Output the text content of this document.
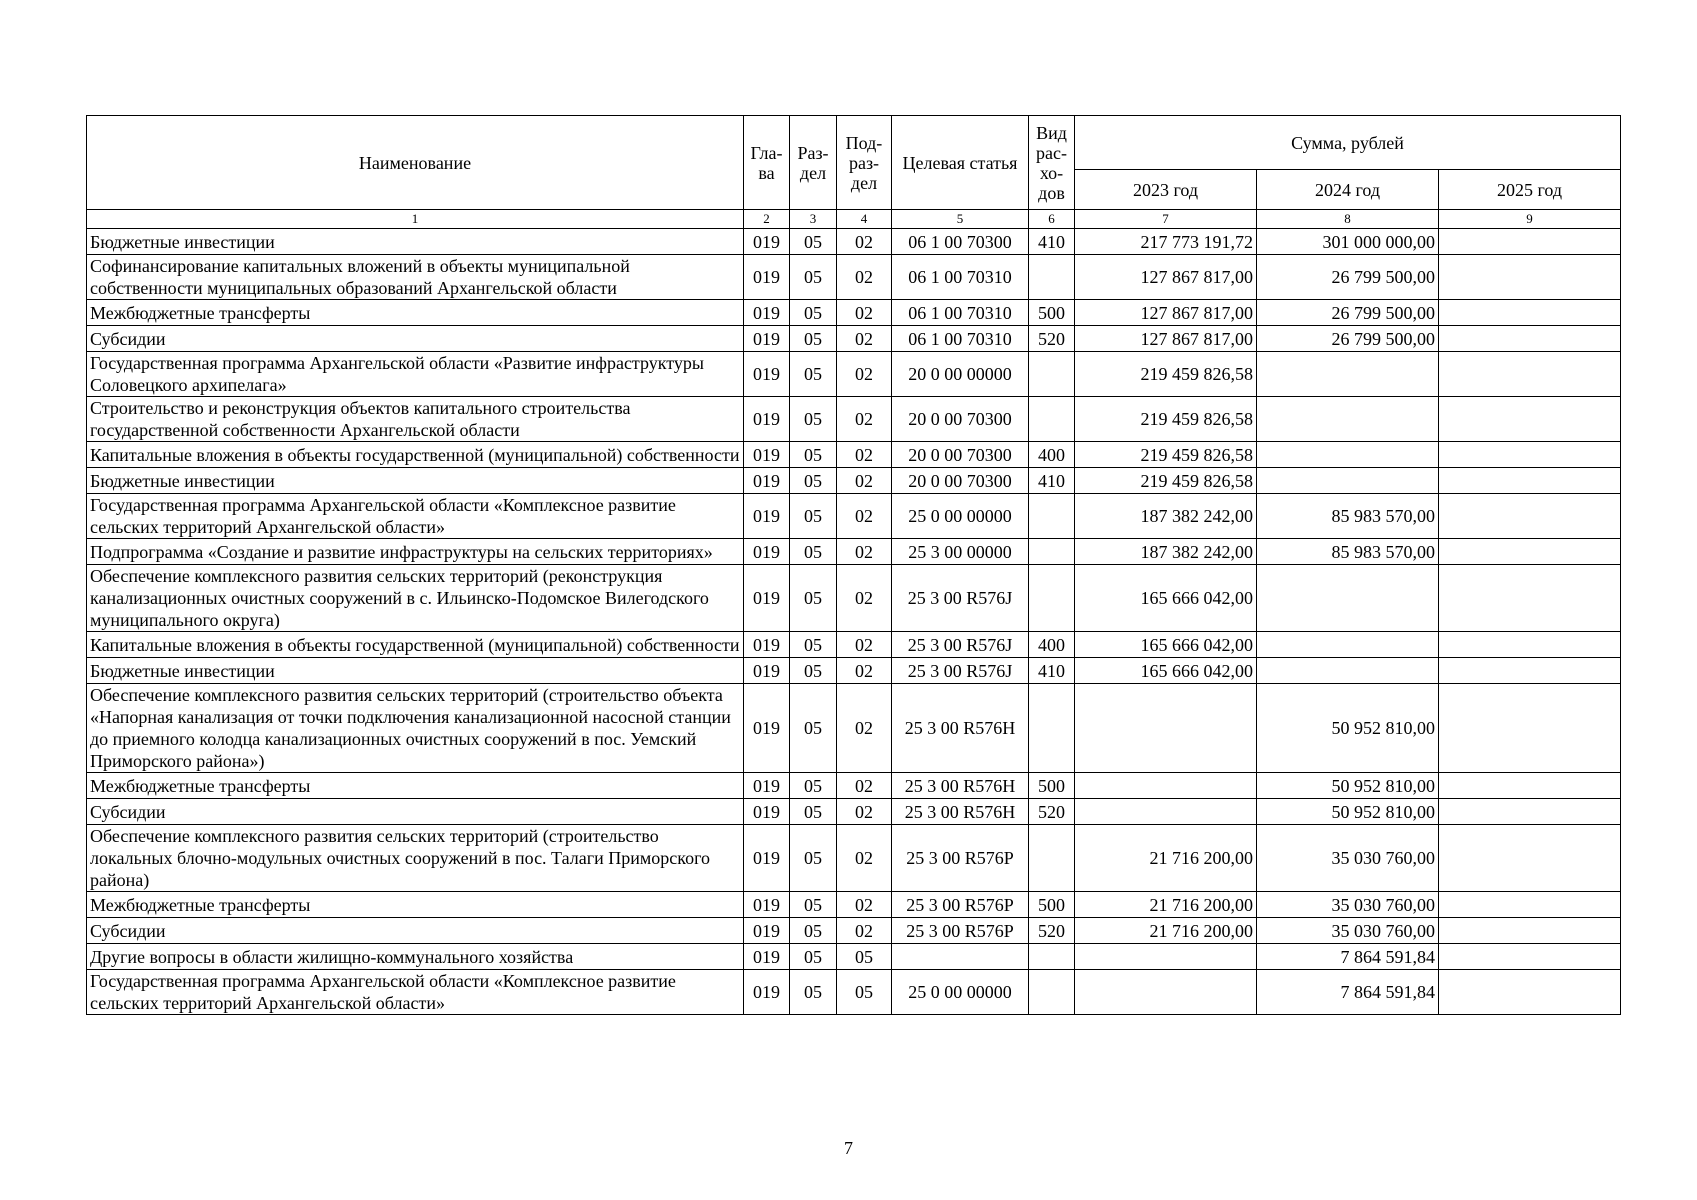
Наименование	Гла-ва	Раз-дел	Под-раз-дел	Целевая статья	Вид рас-хо-дов	Сумма, рублей		
						2023 год	2024 год	2025 год
1	2	3	4	5	6	7	8	9
Бюджетные инвестиции	019	05	02	06 1 00 70300	410	217 773 191,72	301 000 000,00	
Софинансирование капитальных вложений в объекты муниципальной собственности муниципальных образований Архангельской области	019	05	02	06 1 00 70310		127 867 817,00	26 799 500,00	
Межбюджетные трансферты	019	05	02	06 1 00 70310	500	127 867 817,00	26 799 500,00	
Субсидии	019	05	02	06 1 00 70310	520	127 867 817,00	26 799 500,00	
Государственная программа Архангельской области «Развитие инфраструктуры Соловецкого архипелага»	019	05	02	20 0 00 00000		219 459 826,58		
Строительство и реконструкция объектов капитального строительства государственной собственности Архангельской области	019	05	02	20 0 00 70300		219 459 826,58		
Капитальные вложения в объекты государственной (муниципальной) собственности	019	05	02	20 0 00 70300	400	219 459 826,58		
Бюджетные инвестиции	019	05	02	20 0 00 70300	410	219 459 826,58		
Государственная программа Архангельской области «Комплексное развитие сельских территорий Архангельской области»	019	05	02	25 0 00 00000		187 382 242,00	85 983 570,00	
Подпрограмма «Создание и развитие инфраструктуры на сельских территориях»	019	05	02	25 3 00 00000		187 382 242,00	85 983 570,00	
Обеспечение комплексного развития сельских территорий (реконструкция канализационных очистных сооружений в с. Ильинско-Подомское Вилегодского муниципального округа)	019	05	02	25 3 00 R576J		165 666 042,00		
Капитальные вложения в объекты государственной (муниципальной) собственности	019	05	02	25 3 00 R576J	400	165 666 042,00		
Бюджетные инвестиции	019	05	02	25 3 00 R576J	410	165 666 042,00		
Обеспечение комплексного развития сельских территорий (строительство объекта «Напорная канализация от точки подключения канализационной насосной станции до приемного колодца канализационных очистных сооружений в пос. Уемский Приморского района»)	019	05	02	25 3 00 R576H			50 952 810,00	
Межбюджетные трансферты	019	05	02	25 3 00 R576H	500		50 952 810,00	
Субсидии	019	05	02	25 3 00 R576H	520		50 952 810,00	
Обеспечение комплексного развития сельских территорий (строительство локальных блочно-модульных очистных сооружений в пос. Талаги Приморского района)	019	05	02	25 3 00 R576P		21 716 200,00	35 030 760,00	
Межбюджетные трансферты	019	05	02	25 3 00 R576P	500	21 716 200,00	35 030 760,00	
Субсидии	019	05	02	25 3 00 R576P	520	21 716 200,00	35 030 760,00	
Другие вопросы в области жилищно-коммунального хозяйства	019	05	05				7 864 591,84	
Государственная программа Архангельской области «Комплексное развитие сельских территорий Архангельской области»	019	05	05	25 0 00 00000			7 864 591,84	
7
